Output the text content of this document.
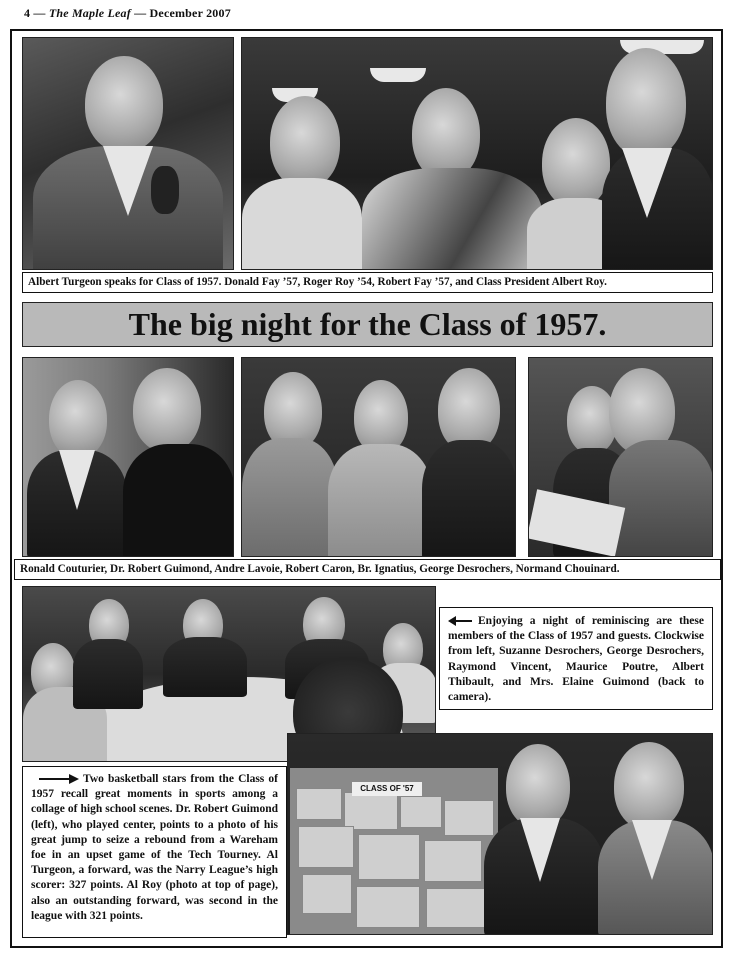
4 — The Maple Leaf — December 2007
Albert Turgeon speaks for Class of 1957. Donald Fay ’57, Roger Roy ’54, Robert Fay ’57, and Class President Albert Roy.
The big night for the Class of 1957.
Ronald Couturier, Dr. Robert Guimond, Andre Lavoie, Robert Caron, Br. Ignatius, George Desrochers, Normand Chouinard.
Enjoying a night of reminiscing are these members of the Class of 1957 and guests. Clockwise from left, Suzanne Desrochers, George Desrochers, Raymond Vincent, Maurice Poutre, Albert Thibault, and Mrs. Elaine Guimond (back to camera).
CLASS OF '57
Two basketball stars from the Class of 1957 recall great moments in sports among a collage of high school scenes. Dr. Robert Guimond (left), who played center, points to a photo of his great jump to seize a rebound from a Wareham foe in an upset game of the Tech Tourney. Al Turgeon, a forward, was the Narry League’s high scorer: 327 points. Al Roy (photo at top of page), also an outstanding forward, was second in the league with 321 points.
